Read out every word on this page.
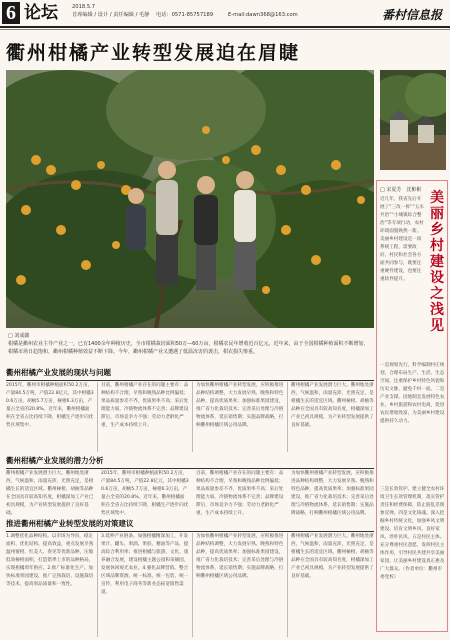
6 论坛	2018.5.7
首席编辑 / 设计 / 责任编辑 / 毛静 电话：0571-85757189	E-mail:dawn368@163.com	番村信息报
衢州柑橘产业转型发展迫在眉睫
□ 刘成懿
柑橘是衢州农业主导产业之一，已有1400余年种植历史，全市柑橘栽培面积50万—60万亩，柑橘农民年增收近百亿元。近年来，由于全国柑橘种植面积不断增加，柑橘市场日趋饱和，衢州柑橘种植效益不断下降。今年，衢州柑橘产业又遭遇了低温冻害的袭击，柑农损失惨重。
衢州柑橘产业发展的现状与问题
2015年，衢州市柑橘种植面积50.2万亩，产量84.5万吨，产值22.8亿元，其中柑橘30.6万亩，胡柚5.7万亩，椪柑6.3万亩，产量占全省的20.8%。近年来，衢州柑橘面积在全省占比持续下降，柑橘生产逐步向优势区域集中。
目前，衢州柑橘产业存在的问题主要有：品种结构不合理，早熟和晚熟品种比例偏低；果品质量参差不齐，优质果率不高；采后处理能力弱，冷链物流体系不完善；品牌建设滞后，市场竞争力不强；劳动力老龄化严重，生产成本持续上升。
为加快衢州柑橘产业转型发展，应积极推进品种结构调整，大力发展早熟、晚熟和特色品种，提高优质果率；加强标准果园建设，推广省力化栽培技术；完善采后处理与冷链物流体系，延长销售期；实施品牌战略，打响衢州柑橘区域公用品牌。
衢州柑橘产业发展潜力巨大。衢州地处浙西，气候温和，雨量充沛，光照充足，是柑橘生长的适宜区域。衢州椪柑、胡柚等品种在全国具有较高知名度，柑橘深加工产业已初具规模，为产业转型发展提供了良好基础。
衢州柑橘产业发展的潜力分析
衢州柑橘产业发展潜力巨大。衢州地处浙西，气候温和，雨量充沛，光照充足，是柑橘生长的适宜区域。衢州椪柑、胡柚等品种在全国具有较高知名度，柑橘深加工产业已初具规模，为产业转型发展提供了良好基础。
2015年，衢州市柑橘种植面积50.2万亩，产量84.5万吨，产值22.8亿元，其中柑橘30.6万亩，胡柚5.7万亩，椪柑6.3万亩，产量占全省的20.8%。近年来，衢州柑橘面积在全省占比持续下降，柑橘生产逐步向优势区域集中。
目前，衢州柑橘产业存在的问题主要有：品种结构不合理，早熟和晚熟品种比例偏低；果品质量参差不齐，优质果率不高；采后处理能力弱，冷链物流体系不完善；品牌建设滞后，市场竞争力不强；劳动力老龄化严重，生产成本持续上升。
为加快衢州柑橘产业转型发展，应积极推进品种结构调整，大力发展早熟、晚熟和特色品种，提高优质果率；加强标准果园建设，推广省力化栽培技术；完善采后处理与冷链物流体系，延长销售期；实施品牌战略，打响衢州柑橘区域公用品牌。
推进衢州柑橘产业转型发展的对策建议
1.调整优化品种结构。以市场为导向，稳定面积、优化结构、提高效益，重点发展早熟温州蜜柑、红美人、春见等优新品种，压缩低效椪柑面积，打造错季上市的品种格局，实现柑橘周年供应。2.推广标准化生产。加快标准果园建设，推广完熟栽培、设施栽培等技术，提高果品质量和一致性。
3.延伸产业链条。加强柑橘精深加工，开发果汁、罐头、果酒、果胶、精油等产品，提高综合利用率；推进柑橘与旅游、文化、康养融合发展，建设柑橘主题公园和采摘园，发展休闲观光农业。4.强化品牌营销。整合区域品牌资源，统一标准、统一包装、统一宣传，利用电子商务等新业态拓宽销售渠道。
为加快衢州柑橘产业转型发展，应积极推进品种结构调整，大力发展早熟、晚熟和特色品种，提高优质果率；加强标准果园建设，推广省力化栽培技术；完善采后处理与冷链物流体系，延长销售期；实施品牌战略，打响衢州柑橘区域公用品牌。
衢州柑橘产业发展潜力巨大。衢州地处浙西，气候温和，雨量充沛，光照充足，是柑橘生长的适宜区域。衢州椪柑、胡柚等品种在全国具有较高知名度，柑橘深加工产业已初具规模，为产业转型发展提供了良好基础。
□ 宋夏芳　沈彬彬 美丽乡村建设之浅见
近几年，我省先后开展了“三改一拆”“五水共治”“小城镇综合整治”等专项行动，农村环境面貌焕然一新。美丽乡村建设是一项系统工程，需要政府、村民和社会各方面共同参与，既要注重硬件建设，也要注重软件提升。
一是规划先行。科学编制村庄规划，合理布局生产、生活、生态空间，注重保护乡村特色风貌和历史文脉，避免千村一面。二是产业支撑。因地制宜发展特色农业、乡村旅游和农村电商，促进农民增收致富，为美丽乡村建设提供持久动力。
三是长效管护。建立健全农村环境卫生长效管理机制，落实管护责任和经费保障，防止脏乱差现象反弹。四是文化铸魂。深入挖掘乡村传统文化，加强乡风文明建设，培育文明乡风、良好家风、淳朴民风。五是村民主体。充分尊重村民意愿，发挥村民主体作用，引导村民共建共享美丽家园，让美丽乡村建设真正惠及广大群众。（作者单位：衢州市委党校）
